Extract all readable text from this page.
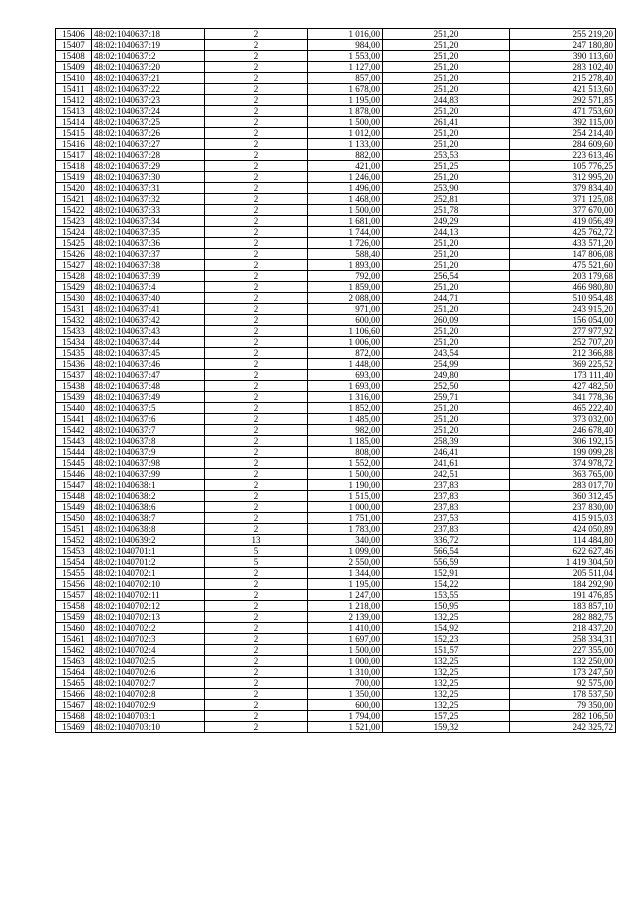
15406	48:02:1040637:18	2	1 016,00	251,20	255 219,20
15407	48:02:1040637:19	2	984,00	251,20	247 180,80
15408	48:02:1040637:2	2	1 553,00	251,20	390 113,60
15409	48:02:1040637:20	2	1 127,00	251,20	283 102,40
15410	48:02:1040637:21	2	857,00	251,20	215 278,40
15411	48:02:1040637:22	2	1 678,00	251,20	421 513,60
15412	48:02:1040637:23	2	1 195,00	244,83	292 571,85
15413	48:02:1040637:24	2	1 878,00	251,20	471 753,60
15414	48:02:1040637:25	2	1 500,00	261,41	392 115,00
15415	48:02:1040637:26	2	1 012,00	251,20	254 214,40
15416	48:02:1040637:27	2	1 133,00	251,20	284 609,60
15417	48:02:1040637:28	2	882,00	253,53	223 613,46
15418	48:02:1040637:29	2	421,00	251,25	105 776,25
15419	48:02:1040637:30	2	1 246,00	251,20	312 995,20
15420	48:02:1040637:31	2	1 496,00	253,90	379 834,40
15421	48:02:1040637:32	2	1 468,00	252,81	371 125,08
15422	48:02:1040637:33	2	1 500,00	251,78	377 670,00
15423	48:02:1040637:34	2	1 681,00	249,29	419 056,49
15424	48:02:1040637:35	2	1 744,00	244,13	425 762,72
15425	48:02:1040637:36	2	1 726,00	251,20	433 571,20
15426	48:02:1040637:37	2	588,40	251,20	147 806,08
15427	48:02:1040637:38	2	1 893,00	251,20	475 521,60
15428	48:02:1040637:39	2	792,00	256,54	203 179,68
15429	48:02:1040637:4	2	1 859,00	251,20	466 980,80
15430	48:02:1040637:40	2	2 088,00	244,71	510 954,48
15431	48:02:1040637:41	2	971,00	251,20	243 915,20
15432	48:02:1040637:42	2	600,00	260,09	156 054,00
15433	48:02:1040637:43	2	1 106,60	251,20	277 977,92
15434	48:02:1040637:44	2	1 006,00	251,20	252 707,20
15435	48:02:1040637:45	2	872,00	243,54	212 366,88
15436	48:02:1040637:46	2	1 448,00	254,99	369 225,52
15437	48:02:1040637:47	2	693,00	249,80	173 111,40
15438	48:02:1040637:48	2	1 693,00	252,50	427 482,50
15439	48:02:1040637:49	2	1 316,00	259,71	341 778,36
15440	48:02:1040637:5	2	1 852,00	251,20	465 222,40
15441	48:02:1040637:6	2	1 485,00	251,20	373 032,00
15442	48:02:1040637:7	2	982,00	251,20	246 678,40
15443	48:02:1040637:8	2	1 185,00	258,39	306 192,15
15444	48:02:1040637:9	2	808,00	246,41	199 099,28
15445	48:02:1040637:98	2	1 552,00	241,61	374 978,72
15446	48:02:1040637:99	2	1 500,00	242,51	363 765,00
15447	48:02:1040638:1	2	1 190,00	237,83	283 017,70
15448	48:02:1040638:2	2	1 515,00	237,83	360 312,45
15449	48:02:1040638:6	2	1 000,00	237,83	237 830,00
15450	48:02:1040638:7	2	1 751,00	237,53	415 915,03
15451	48:02:1040638:8	2	1 783,00	237,83	424 050,89
15452	48:02:1040639:2	13	340,00	336,72	114 484,80
15453	48:02:1040701:1	5	1 099,00	566,54	622 627,46
15454	48:02:1040701:2	5	2 550,00	556,59	1 419 304,50
15455	48:02:1040702:1	2	1 344,00	152,91	205 511,04
15456	48:02:1040702:10	2	1 195,00	154,22	184 292,90
15457	48:02:1040702:11	2	1 247,00	153,55	191 476,85
15458	48:02:1040702:12	2	1 218,00	150,95	183 857,10
15459	48:02:1040702:13	2	2 139,00	132,25	282 882,75
15460	48:02:1040702:2	2	1 410,00	154,92	218 437,20
15461	48:02:1040702:3	2	1 697,00	152,23	258 334,31
15462	48:02:1040702:4	2	1 500,00	151,57	227 355,00
15463	48:02:1040702:5	2	1 000,00	132,25	132 250,00
15464	48:02:1040702:6	2	1 310,00	132,25	173 247,50
15465	48:02:1040702:7	2	700,00	132,25	92 575,00
15466	48:02:1040702:8	2	1 350,00	132,25	178 537,50
15467	48:02:1040702:9	2	600,00	132,25	79 350,00
15468	48:02:1040703:1	2	1 794,00	157,25	282 106,50
15469	48:02:1040703:10	2	1 521,00	159,32	242 325,72
